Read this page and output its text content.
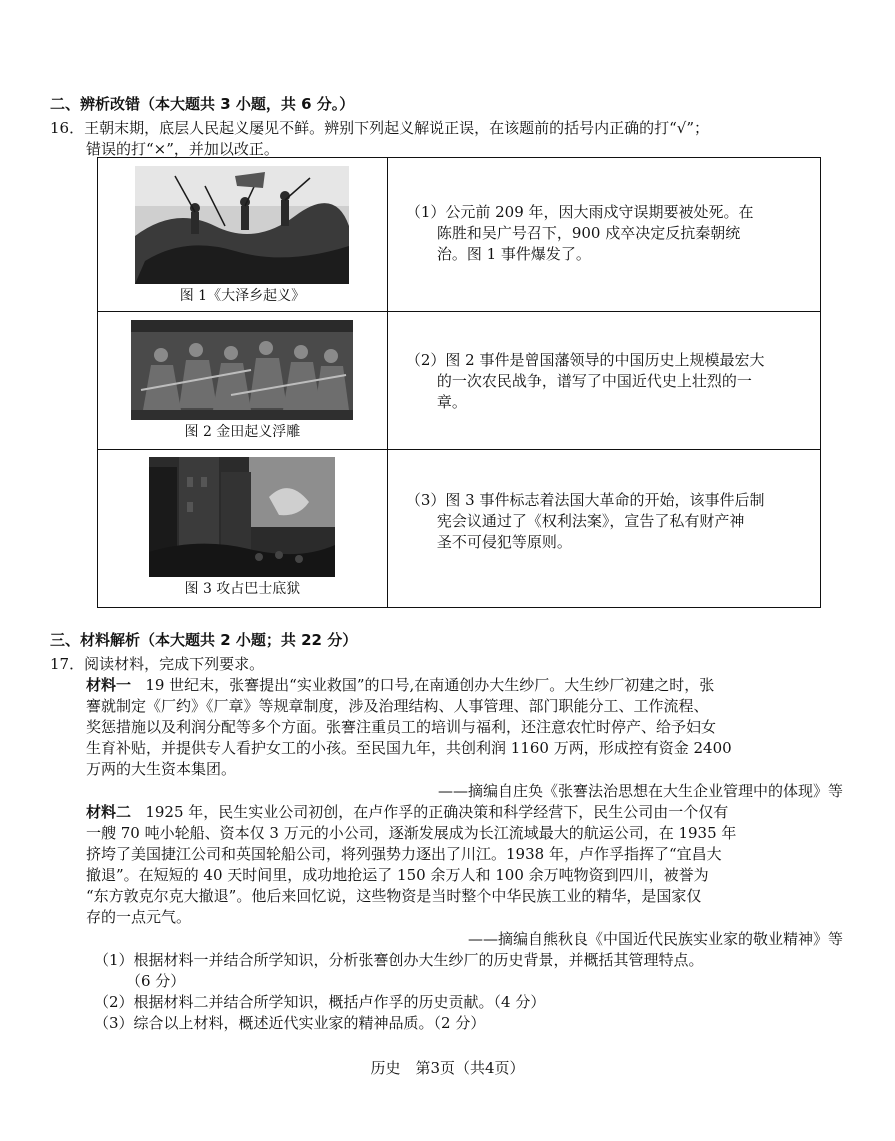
二、辨析改错（本大题共 3 小题，共 6 分。）
16．王朝末期，底层人民起义屡见不鲜。辨别下列起义解说正误，在该题前的括号内正确的打“√”；
错误的打“×”，并加以改正。
图 1《大泽乡起义》	（1）公元前 209 年，因大雨戍守误期要被处死。在
陈胜和吴广号召下，900 戍卒决定反抗秦朝统
治。图 1 事件爆发了。

图 2 金田起义浮雕	（2）图 2 事件是曾国藩领导的中国历史上规模最宏大
的一次农民战争，谱写了中国近代史上壮烈的一
章。

图 3 攻占巴士底狱	（3）图 3 事件标志着法国大革命的开始，该事件后制
宪会议通过了《权利法案》，宣告了私有财产神
圣不可侵犯等原则。
三、材料解析（本大题共 2 小题；共 22 分）
17．阅读材料，完成下列要求。
材料一 19 世纪末，张謇提出“实业救国”的口号,在南通创办大生纱厂。大生纱厂初建之时，张
謇就制定《厂约》《厂章》等规章制度，涉及治理结构、人事管理、部门职能分工、工作流程、
奖惩措施以及利润分配等多个方面。张謇注重员工的培训与福利，还注意农忙时停产、给予妇女
生育补贴，并提供专人看护女工的小孩。至民国九年，共创利润 1160 万两，形成控有资金 2400
万两的大生资本集团。
——摘编自庄奂《张謇法治思想在大生企业管理中的体现》等
材料二 1925 年，民生实业公司初创，在卢作孚的正确决策和科学经营下，民生公司由一个仅有
一艘 70 吨小轮船、资本仅 3 万元的小公司，逐渐发展成为长江流域最大的航运公司，在 1935 年
挤垮了美国捷江公司和英国轮船公司，将列强势力逐出了川江。1938 年，卢作孚指挥了“宜昌大
撤退”。在短短的 40 天时间里，成功地抢运了 150 余万人和 100 余万吨物资到四川，被誉为
“东方敦克尔克大撤退”。他后来回忆说，这些物资是当时整个中华民族工业的精华，是国家仅
存的一点元气。
——摘编自熊秋良《中国近代民族实业家的敬业精神》等
（1）根据材料一并结合所学知识，分析张謇创办大生纱厂的历史背景，并概括其管理特点。
（6 分）
（2）根据材料二并结合所学知识，概括卢作孚的历史贡献。（4 分）
（3）综合以上材料，概述近代实业家的精神品质。（2 分）
历史　第3页（共4页）
